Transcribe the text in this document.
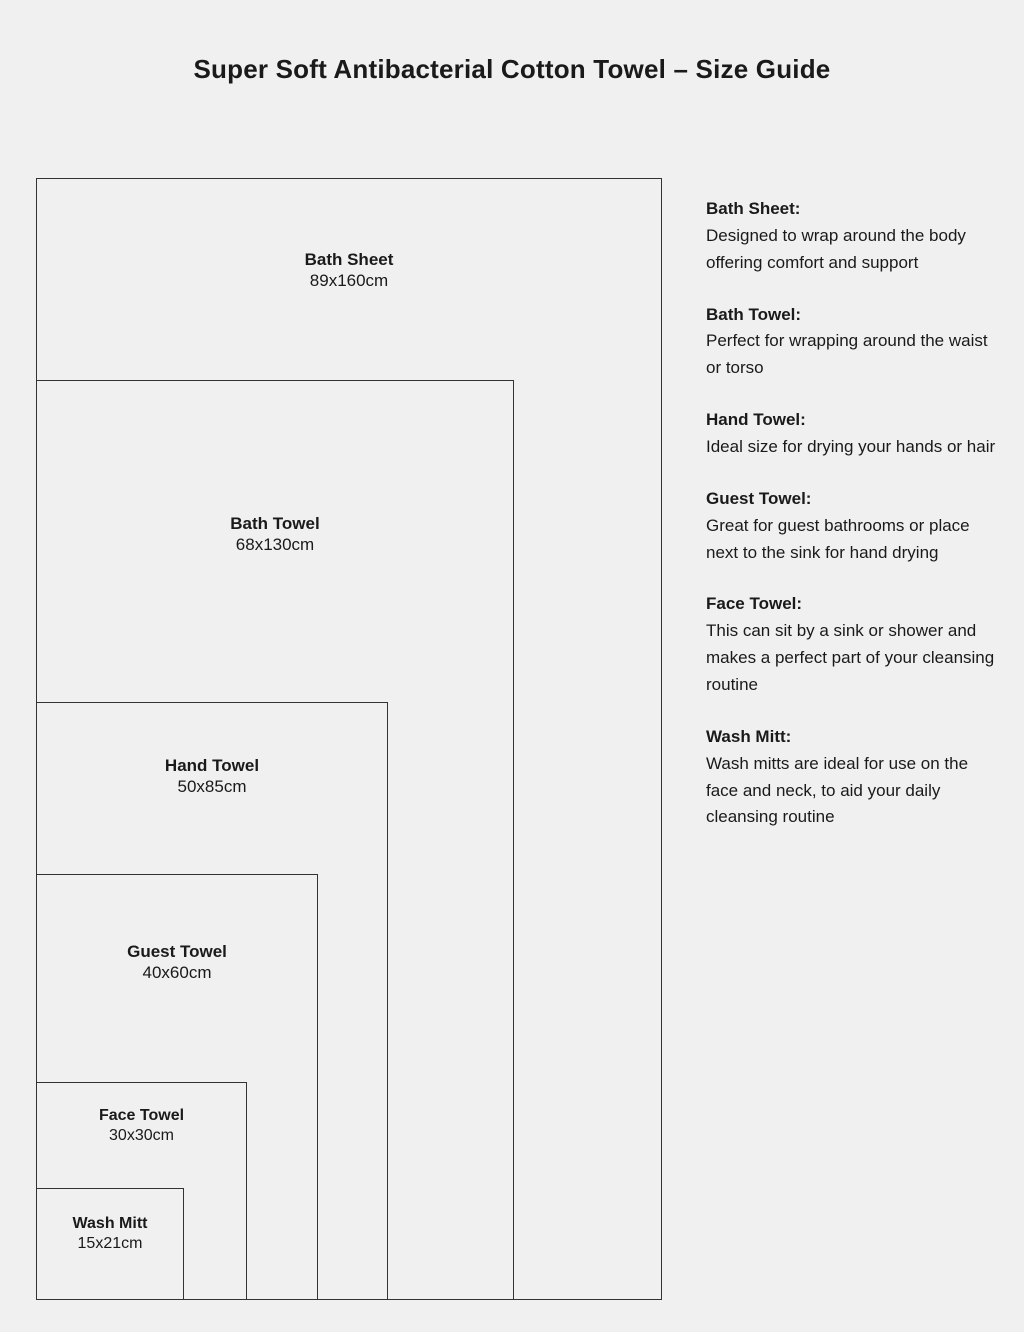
Super Soft Antibacterial Cotton Towel – Size Guide
Bath Sheet
89x160cm
Bath Towel
68x130cm
Hand Towel
50x85cm
Guest Towel
40x60cm
Face Towel
30x30cm
Wash Mitt
15x21cm
Bath Sheet:
Designed to wrap around the body offering comfort and support
Bath Towel:
Perfect for wrapping around the waist or torso
Hand Towel:
Ideal size for drying your hands or hair
Guest Towel:
Great for guest bathrooms or place next to the sink for hand drying
Face Towel:
This can sit by a sink or shower and makes a perfect part of your cleansing routine
Wash Mitt:
Wash mitts are ideal for use on the face and neck, to aid your daily cleansing routine
